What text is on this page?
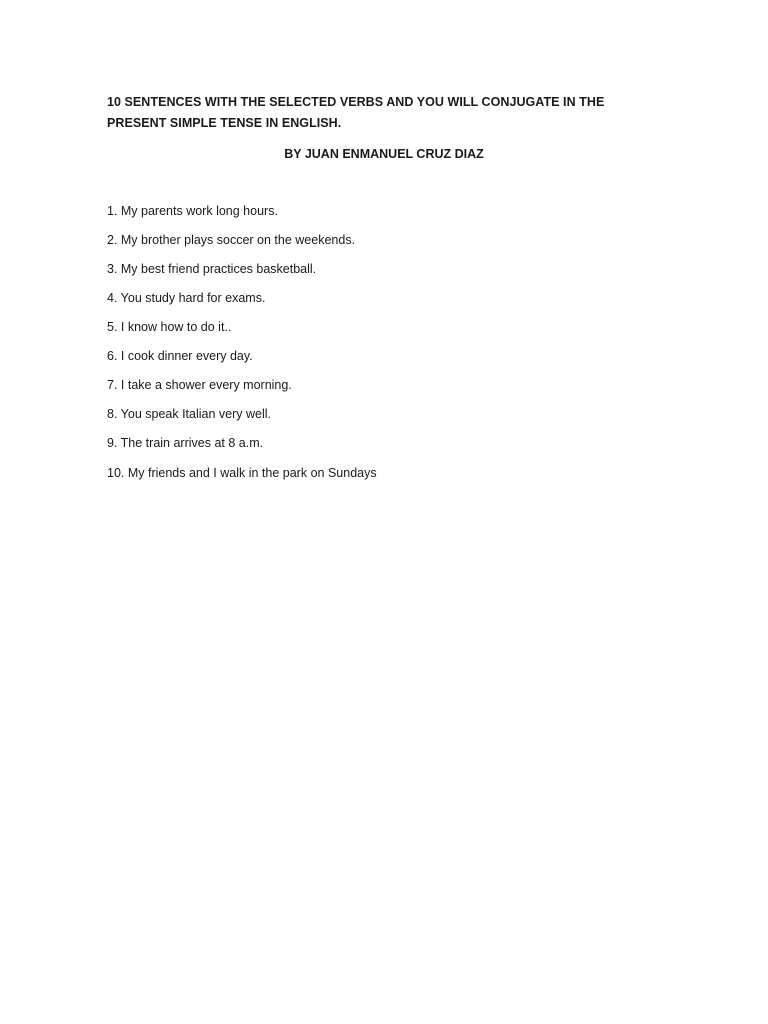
10 SENTENCES WITH THE SELECTED VERBS AND YOU WILL CONJUGATE IN THE PRESENT SIMPLE TENSE IN ENGLISH.

BY JUAN ENMANUEL CRUZ DIAZ

1. My parents work long hours.
2. My brother plays soccer on the weekends.
3. My best friend practices basketball.
4. You study hard for exams.
5. I know how to do it..
6. I cook dinner every day.
7. I take a shower every morning.
8. You speak Italian very well.
9. The train arrives at 8 a.m.
10. My friends and I walk in the park on Sundays
